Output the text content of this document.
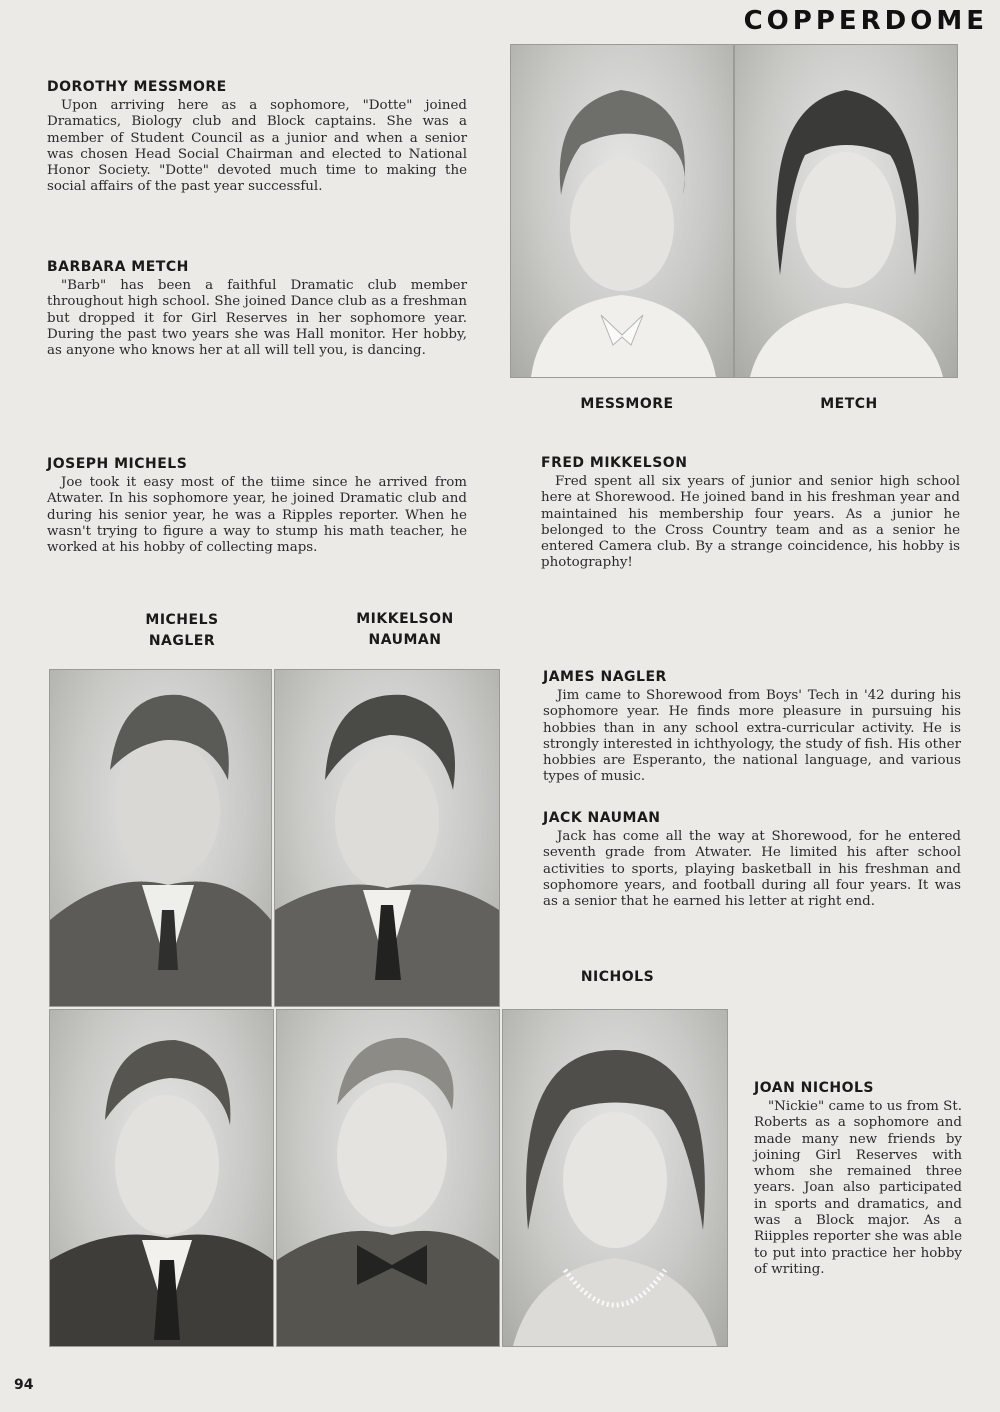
COPPERDOME

DOROTHY MESSMORE

Upon arriving here as a sophomore, "Dotte" joined Dramatics, Biology club and Block captains. She was a member of Student Council as a junior and when a senior was chosen Head Social Chairman and elected to National Honor Society. "Dotte" devoted much time to making the social affairs of the past year successful.

BARBARA METCH

"Barb" has been a faithful Dramatic club member throughout high school. She joined Dance club as a freshman but dropped it for Girl Reserves in her sophomore year. During the past two years she was Hall monitor. Her hobby, as anyone who knows her at all will tell you, is dancing.

MESSMORE	METCH

JOSEPH MICHELS

Joe took it easy most of the tiime since he arrived from Atwater. In his sophomore year, he joined Dramatic club and during his senior year, he was a Ripples reporter. When he wasn't trying to figure a way to stump his math teacher, he worked at his hobby of collecting maps.

FRED MIKKELSON

Fred spent all six years of junior and senior high school here at Shorewood. He joined band in his freshman year and maintained his membership four years. As a junior he belonged to the Cross Country team and as a senior he entered Camera club. By a strange coincidence, his hobby is photography!

MICHELS
NAGLER
MIKKELSON
NAUMAN

JAMES NAGLER

Jim came to Shorewood from Boys' Tech in '42 during his sophomore year. He finds more pleasure in pursuing his hobbies than in any school extra-curricular activity. He is strongly interested in ichthyology, the study of fish. His other hobbies are Esperanto, the national language, and various types of music.

JACK NAUMAN

Jack has come all the way at Shorewood, for he entered seventh grade from Atwater. He limited his after school activities to sports, playing basketball in his freshman and sophomore years, and football during all four years. It was as a senior that he earned his letter at right end.

NICHOLS

JOAN NICHOLS

"Nickie" came to us from St. Roberts as a sophomore and made many new friends by joining Girl Reserves with whom she remained three years. Joan also participated in sports and dramatics, and was a Block major. As a Riipples reporter she was able to put into practice her hobby of writing.

94
